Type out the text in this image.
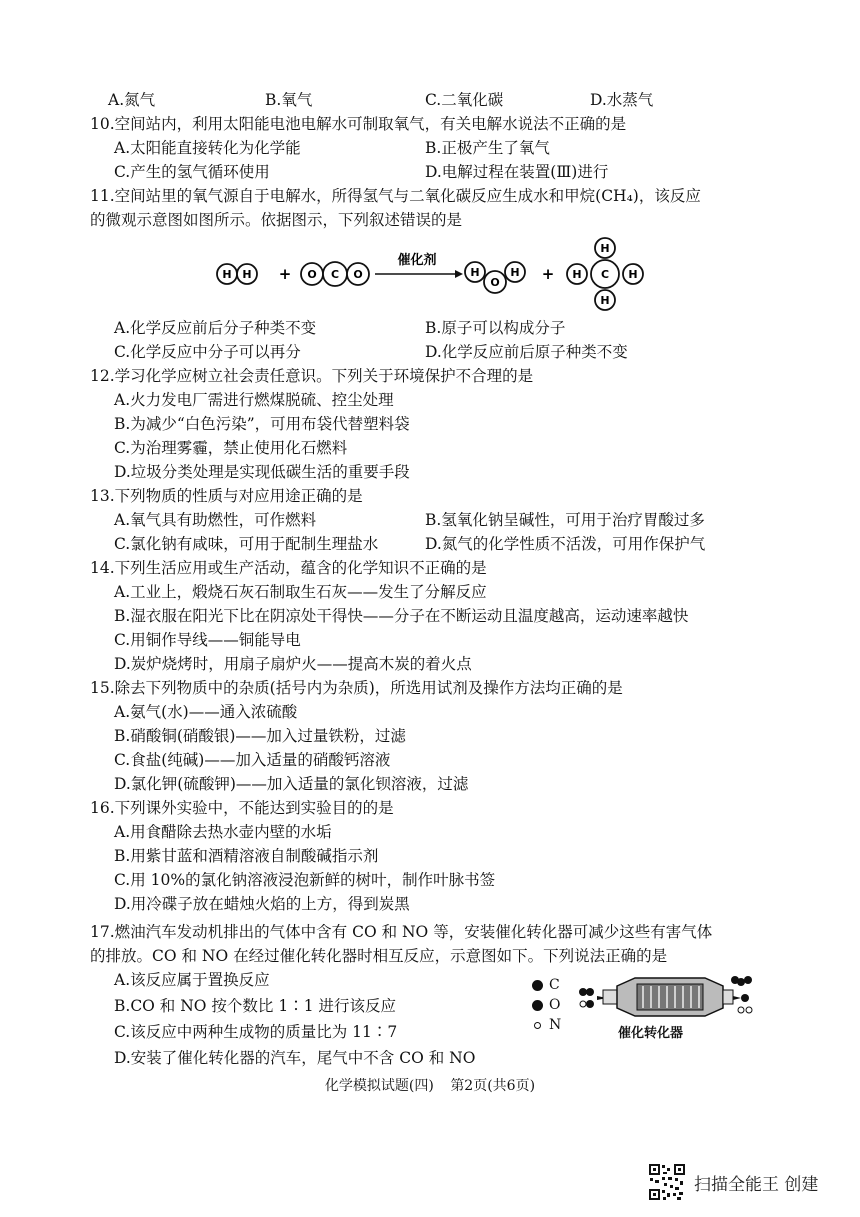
A.氮气	B.氧气	C.二氧化碳	D.水蒸气
10.空间站内，利用太阳能电池电解水可制取氧气，有关电解水说法不正确的是
A.太阳能直接转化为化学能	B.正极产生了氧气
C.产生的氢气循环使用	D.电解过程在装置(Ⅲ)进行
11.空间站里的氧气源自于电解水，所得氢气与二氧化碳反应生成水和甲烷(CH₄)，该反应
的微观示意图如图所示。依据图示，下列叙述错误的是
H H + O C O
催化剂
H
O
H +
H
H
H	H
C
A.化学反应前后分子种类不变	B.原子可以构成分子
C.化学反应中分子可以再分	D.化学反应前后原子种类不变
12.学习化学应树立社会责任意识。下列关于环境保护不合理的是
A.火力发电厂需进行燃煤脱硫、控尘处理
B.为减少“白色污染”，可用布袋代替塑料袋
C.为治理雾霾，禁止使用化石燃料
D.垃圾分类处理是实现低碳生活的重要手段
13.下列物质的性质与对应用途正确的是
A.氧气具有助燃性，可作燃料	B.氢氧化钠呈碱性，可用于治疗胃酸过多
C.氯化钠有咸味，可用于配制生理盐水	D.氮气的化学性质不活泼，可用作保护气
14.下列生活应用或生产活动，蕴含的化学知识不正确的是
A.工业上，煅烧石灰石制取生石灰——发生了分解反应
B.湿衣服在阳光下比在阴凉处干得快——分子在不断运动且温度越高，运动速率越快
C.用铜作导线——铜能导电
D.炭炉烧烤时，用扇子扇炉火——提高木炭的着火点
15.除去下列物质中的杂质(括号内为杂质)，所选用试剂及操作方法均正确的是
A.氨气(水)——通入浓硫酸
B.硝酸铜(硝酸银)——加入过量铁粉，过滤
C.食盐(纯碱)——加入适量的硝酸钙溶液
D.氯化钾(硫酸钾)——加入适量的氯化钡溶液，过滤
16.下列课外实验中，不能达到实验目的的是
A.用食醋除去热水壶内壁的水垢
B.用紫甘蓝和酒精溶液自制酸碱指示剂
C.用 10%的氯化钠溶液浸泡新鲜的树叶，制作叶脉书签
D.用冷碟子放在蜡烛火焰的上方，得到炭黑
17.燃油汽车发动机排出的气体中含有 CO 和 NO 等，安装催化转化器可减少这些有害气体
的排放。CO 和 NO 在经过催化转化器时相互反应，示意图如下。下列说法正确的是
A.该反应属于置换反应
B.CO 和 NO 按个数比 1∶1 进行该反应
C.该反应中两种生成物的质量比为 11∶7
D.安装了催化转化器的汽车，尾气中不含 CO 和 NO
C
O
N
催化转化器
化学模拟试题(四) 第2页(共6页)
扫描全能王 创建
